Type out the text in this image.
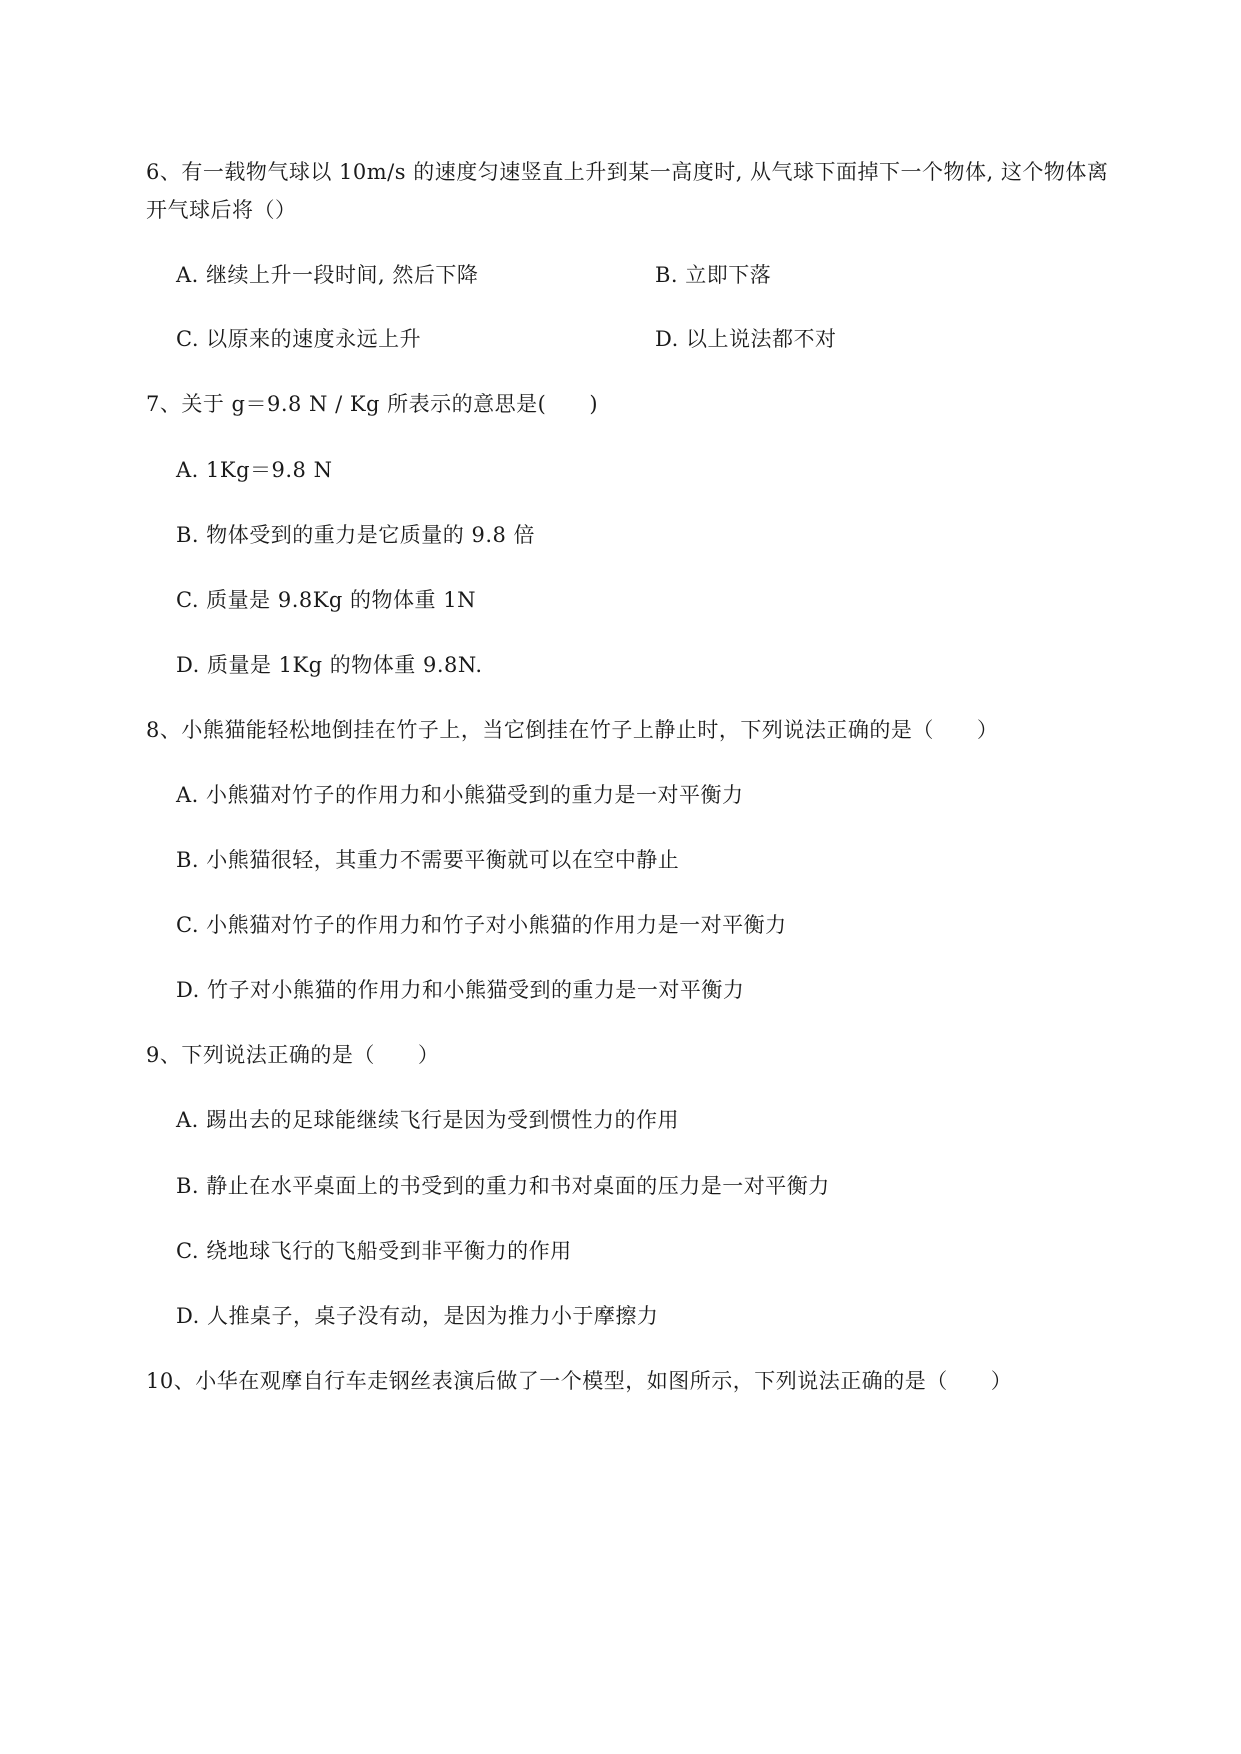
6、有一载物气球以 10m/s 的速度匀速竖直上升到某一高度时, 从气球下面掉下一个物体, 这个物体离
开气球后将（）
A. 继续上升一段时间, 然后下降	B. 立即下落
C. 以原来的速度永远上升	D. 以上说法都不对
7、关于 g＝9.8 N / Kg 所表示的意思是(　　)
A. 1Kg＝9.8 N
B. 物体受到的重力是它质量的 9.8 倍
C. 质量是 9.8Kg 的物体重 1N
D. 质量是 1Kg 的物体重 9.8N.
8、小熊猫能轻松地倒挂在竹子上，当它倒挂在竹子上静止时，下列说法正确的是（　　）
A. 小熊猫对竹子的作用力和小熊猫受到的重力是一对平衡力
B. 小熊猫很轻，其重力不需要平衡就可以在空中静止
C. 小熊猫对竹子的作用力和竹子对小熊猫的作用力是一对平衡力
D. 竹子对小熊猫的作用力和小熊猫受到的重力是一对平衡力
9、下列说法正确的是（　　）
A. 踢出去的足球能继续飞行是因为受到惯性力的作用
B. 静止在水平桌面上的书受到的重力和书对桌面的压力是一对平衡力
C. 绕地球飞行的飞船受到非平衡力的作用
D. 人推桌子，桌子没有动，是因为推力小于摩擦力
10、小华在观摩自行车走钢丝表演后做了一个模型，如图所示，下列说法正确的是（　　）
